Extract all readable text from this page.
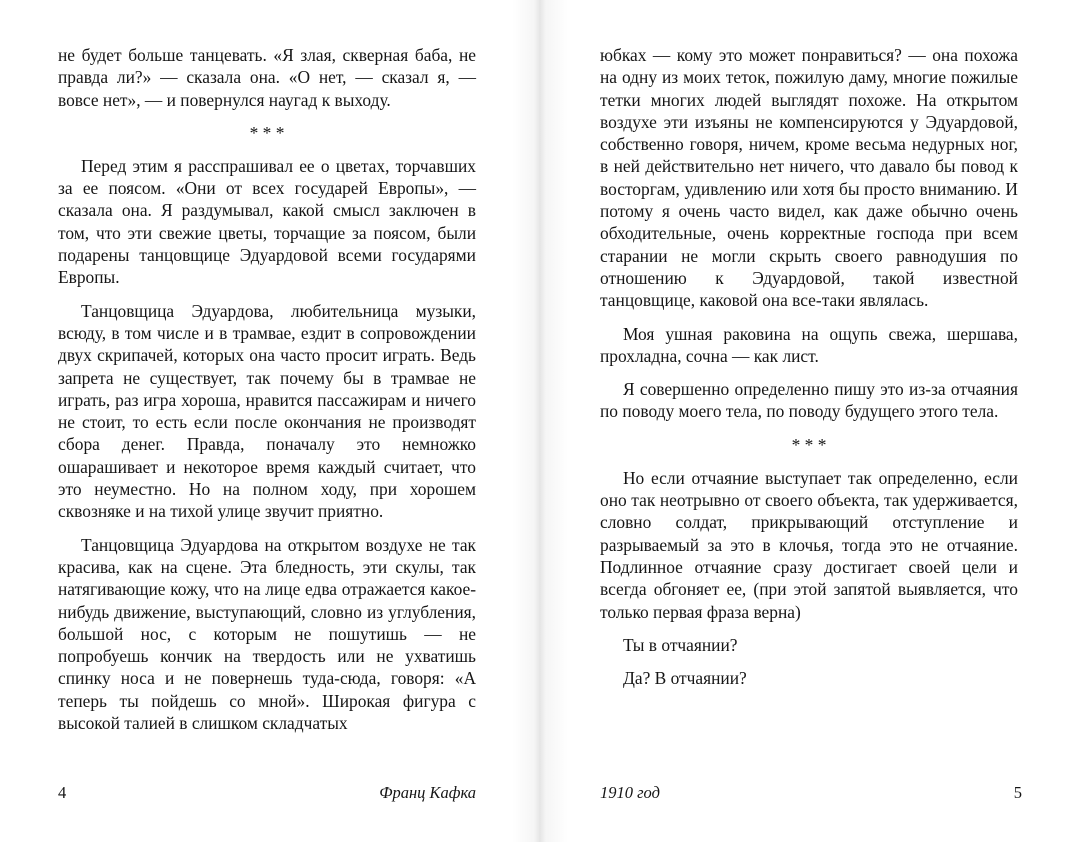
не будет больше танцевать. «Я злая, скверная баба, не правда ли?» — сказала она. «О нет, — сказал я, — вовсе нет», — и повернулся наугад к выходу.

* * *

Перед этим я расспрашивал ее о цветах, торчавших за ее поясом. «Они от всех государей Европы», — сказала она. Я раздумывал, какой смысл заключен в том, что эти свежие цветы, торчащие за поясом, были подарены танцовщице Эдуардовой всеми государями Европы.

Танцовщица Эдуардова, любительница музыки, всюду, в том числе и в трамвае, ездит в сопровождении двух скрипачей, которых она часто просит играть. Ведь запрета не существует, так почему бы в трамвае не играть, раз игра хороша, нравится пассажирам и ничего не стоит, то есть если после окончания не производят сбора денег. Правда, поначалу это немножко ошарашивает и некоторое время каждый считает, что это неуместно. Но на полном ходу, при хорошем сквозняке и на тихой улице звучит приятно.

Танцовщица Эдуардова на открытом воздухе не так красива, как на сцене. Эта бледность, эти скулы, так натягивающие кожу, что на лице едва отражается какое-нибудь движение, выступающий, словно из углубления, большой нос, с которым не пошутишь — не попробуешь кончик на твердость или не ухватишь спинку носа и не повернешь туда-сюда, говоря: «А теперь ты пойдешь со мной». Широкая фигура с высокой талией в слишком складчатых

4	Франц Кафка

юбках — кому это может понравиться? — она похожа на одну из моих теток, пожилую даму, многие пожилые тетки многих людей выглядят похоже. На открытом воздухе эти изъяны не компенсируются у Эдуардовой, собственно говоря, ничем, кроме весьма недурных ног, в ней действительно нет ничего, что давало бы повод к восторгам, удивлению или хотя бы просто вниманию. И потому я очень часто видел, как даже обычно очень обходительные, очень корректные господа при всем старании не могли скрыть своего равнодушия по отношению к Эдуардовой, такой известной танцовщице, каковой она все-таки являлась.

Моя ушная раковина на ощупь свежа, шершава, прохладна, сочна — как лист.

Я совершенно определенно пишу это из-за отчаяния по поводу моего тела, по поводу будущего этого тела.

* * *

Но если отчаяние выступает так определенно, если оно так неотрывно от своего объекта, так удерживается, словно солдат, прикрывающий отступление и разрываемый за это в клочья, тогда это не отчаяние. Подлинное отчаяние сразу достигает своей цели и всегда обгоняет ее, (при этой запятой выявляется, что только первая фраза верна)

Ты в отчаянии?

Да? В отчаянии?

1910 год	5
